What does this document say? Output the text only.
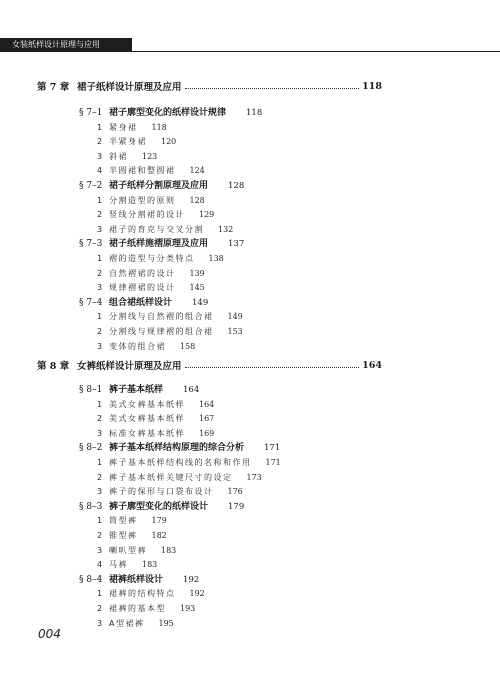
女装纸样设计原理与应用
第 7 章 裙子纸样设计原理及应用	118
§ 7–1 裙子廓型变化的纸样设计规律 118
1 紧身裙 118
2 半紧身裙 120
3 斜裙 123
4 半圆裙和整圆裙 124
§ 7–2 裙子纸样分割原理及应用 128
1 分割造型的原则 128
2 竖线分割裙的设计 129
3 裙子的育克与交叉分割 132
§ 7–3 裙子纸样施褶原理及应用 137
1 褶的造型与分类特点 138
2 自然褶裙的设计 139
3 规律褶裙的设计 145
§ 7–4 组合裙纸样设计 149
1 分割线与自然褶的组合裙 149
2 分割线与规律褶的组合裙 153
3 变体的组合裙 158
第 8 章 女裤纸样设计原理及应用	164
§ 8–1 裤子基本纸样 164
1 美式女裤基本纸样 164
2 美式女裤基本纸样 167
3 标准女裤基本纸样 169
§ 8–2 裤子基本纸样结构原理的综合分析 171
1 裤子基本纸样结构线的名称和作用 171
2 裤子基本纸样关键尺寸的设定 173
3 裤子的保形与口袋布设计 176
§ 8–3 裤子廓型变化的纸样设计 179
1 筒型裤 179
2 锥型裤 182
3 喇叭型裤 183
4 马裤 183
§ 8–4 裙裤纸样设计 192
1 裙裤的结构特点 192
2 裙裤的基本型 193
3 A型裙裤 195
004
